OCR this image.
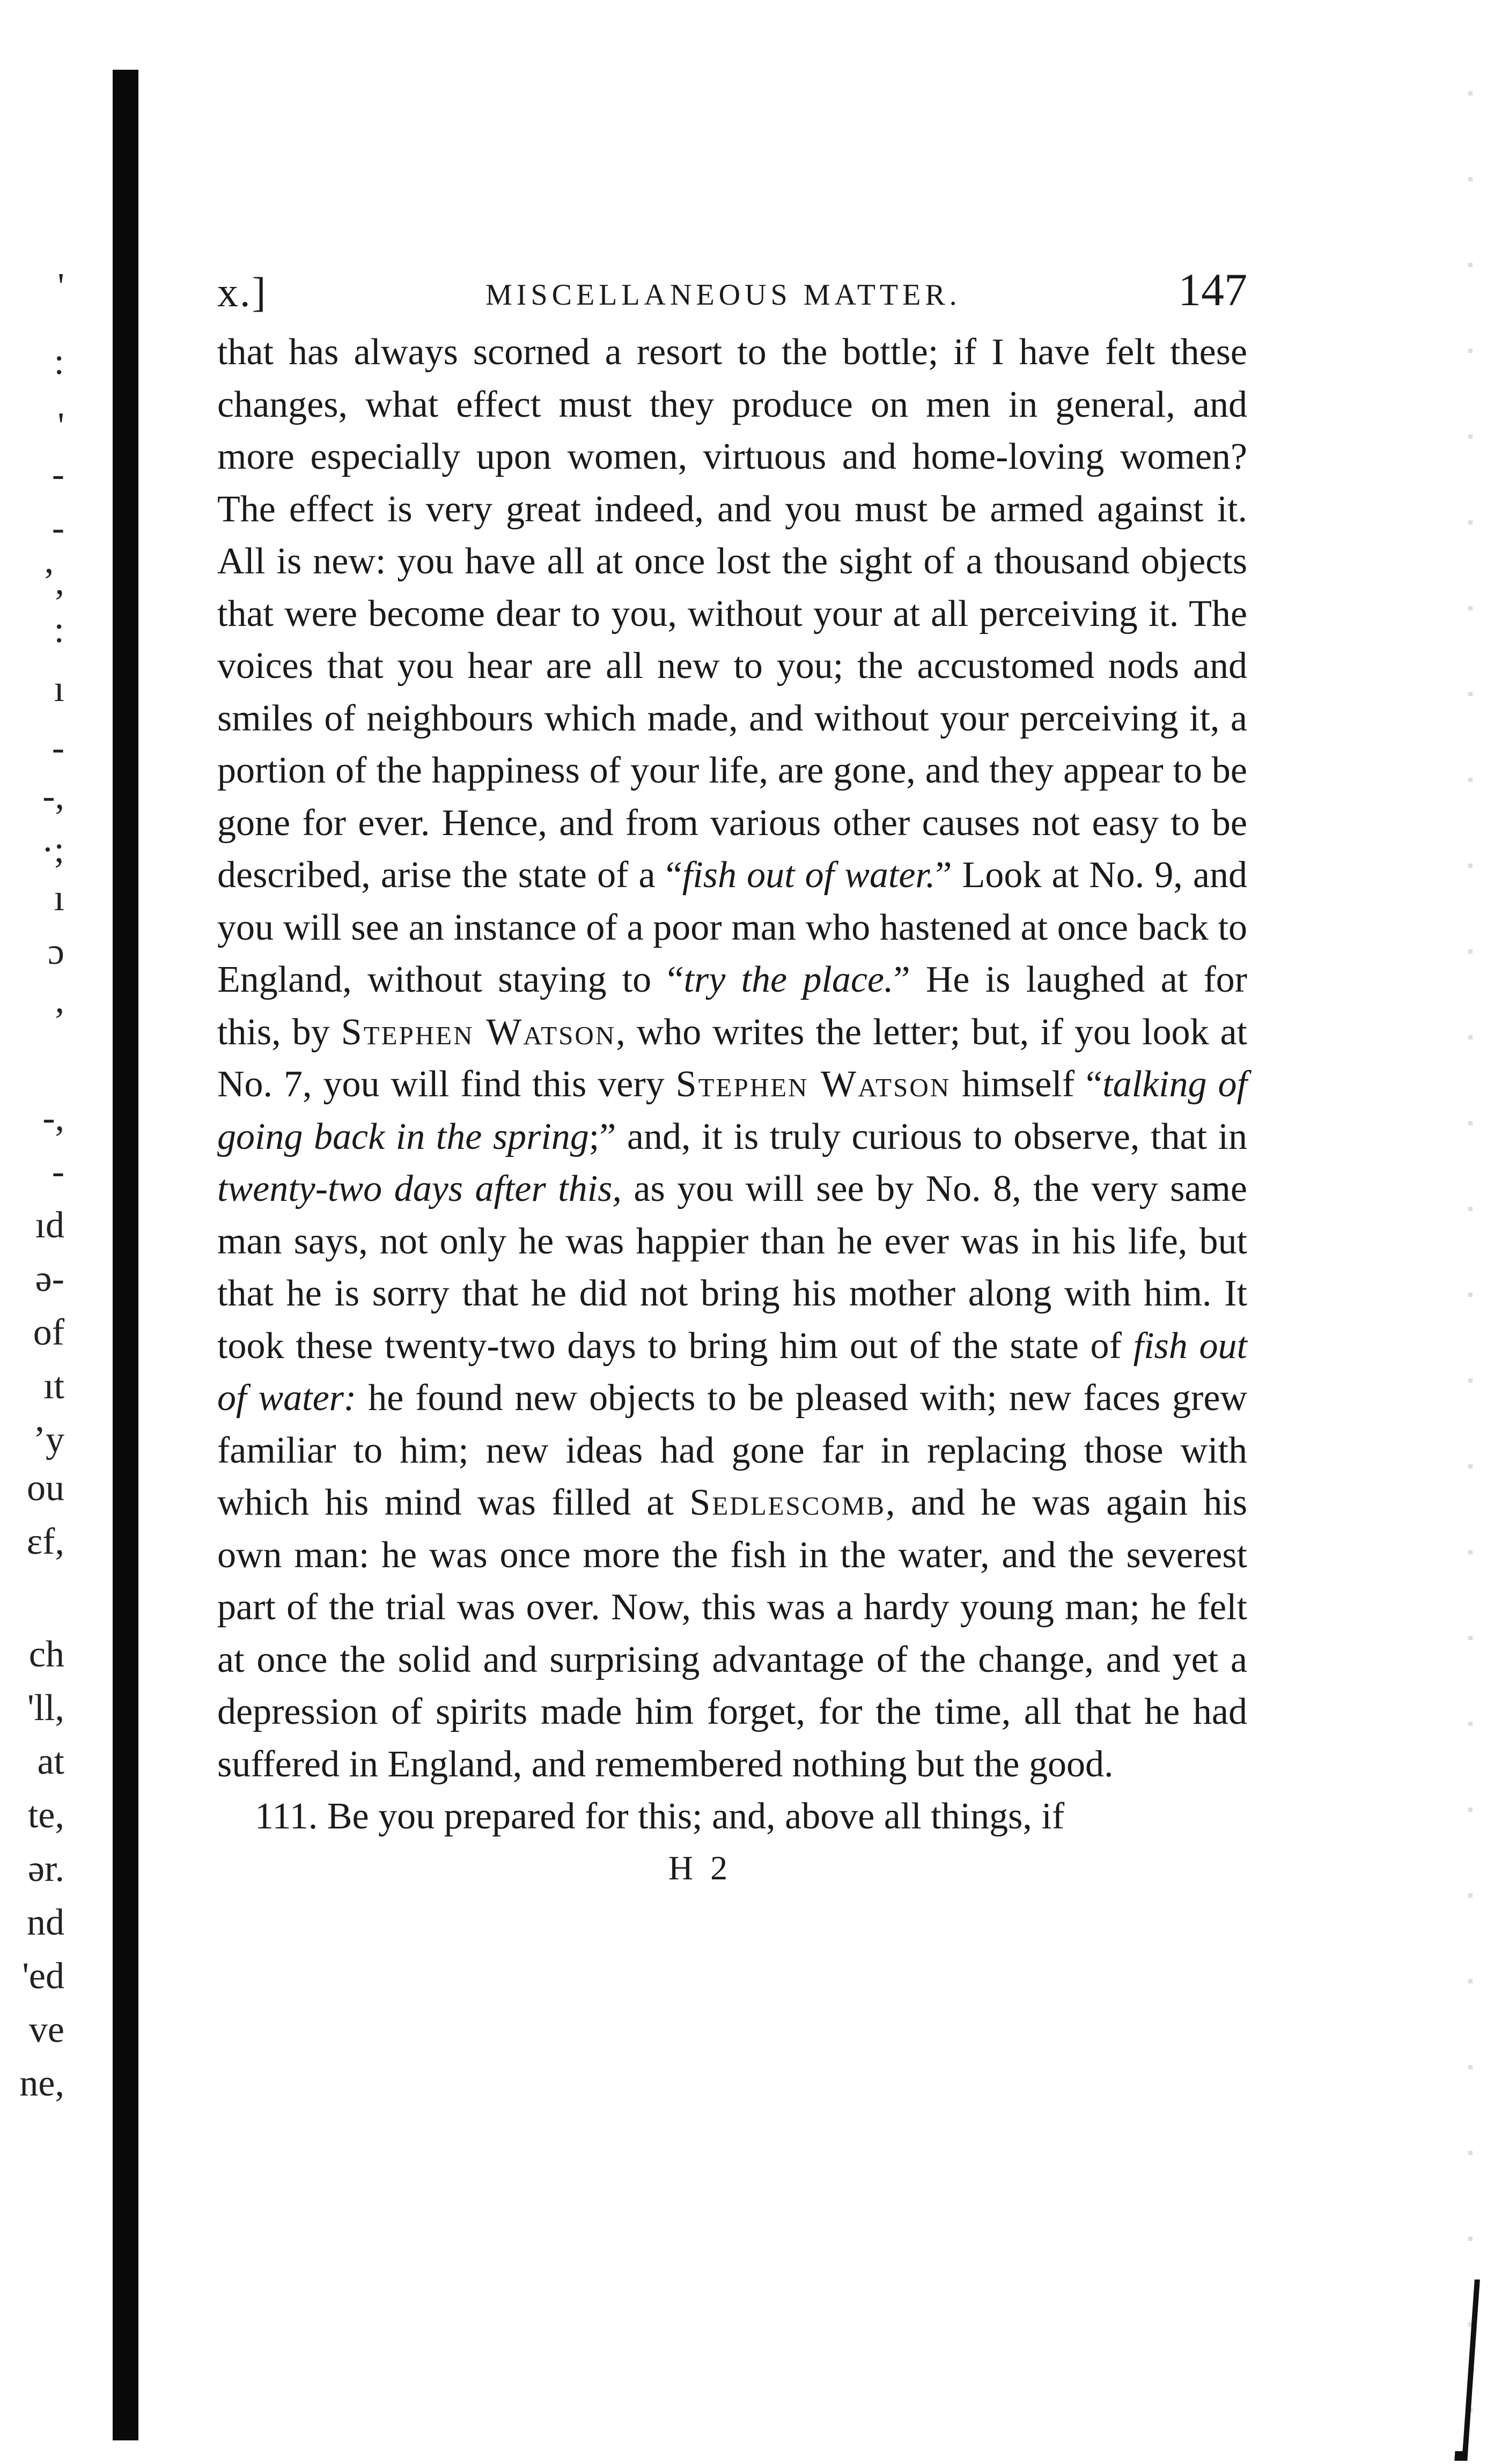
'
:
'
-
-
’,
:
ı
-
-,
·;
ı
ɔ
,
‑,
-
ıd
ə-
of
ıt
’y
ou
ɛf,
ch
'll,
at
te,
ər.
nd
'ed
ve
ne,
x.]	MISCELLANEOUS MATTER.	147

that has always scorned a resort to the bottle; if I have felt these changes, what effect must they produce on men in general, and more especially upon women, virtuous and home-loving women? The effect is very great indeed, and you must be armed against it. All is new: you have all at once lost the sight of a thousand objects that were become dear to you, without your at all perceiving it. The voices that you hear are all new to you; the accustomed nods and smiles of neighbours which made, and without your perceiving it, a portion of the happiness of your life, are gone, and they appear to be gone for ever. Hence, and from various other causes not easy to be described, arise the state of a “fish out of water.” Look at No. 9, and you will see an instance of a poor man who hastened at once back to England, without staying to “try the place.” He is laughed at for this, by Stephen Watson, who writes the letter; but, if you look at No. 7, you will find this very Stephen Watson himself “talking of going back in the spring;” and, it is truly curious to observe, that in twenty-two days after this, as you will see by No. 8, the very same man says, not only he was happier than he ever was in his life, but that he is sorry that he did not bring his mother along with him. It took these twenty-two days to bring him out of the state of fish out of water: he found new objects to be pleased with; new faces grew familiar to him; new ideas had gone far in replacing those with which his mind was filled at Sedlescomb, and he was again his own man: he was once more the fish in the water, and the severest part of the trial was over. Now, this was a hardy young man; he felt at once the solid and surprising advantage of the change, and yet a depression of spirits made him forget, for the time, all that he had suffered in England, and remembered nothing but the good.

111. Be you prepared for this; and, above all things, if

H 2
